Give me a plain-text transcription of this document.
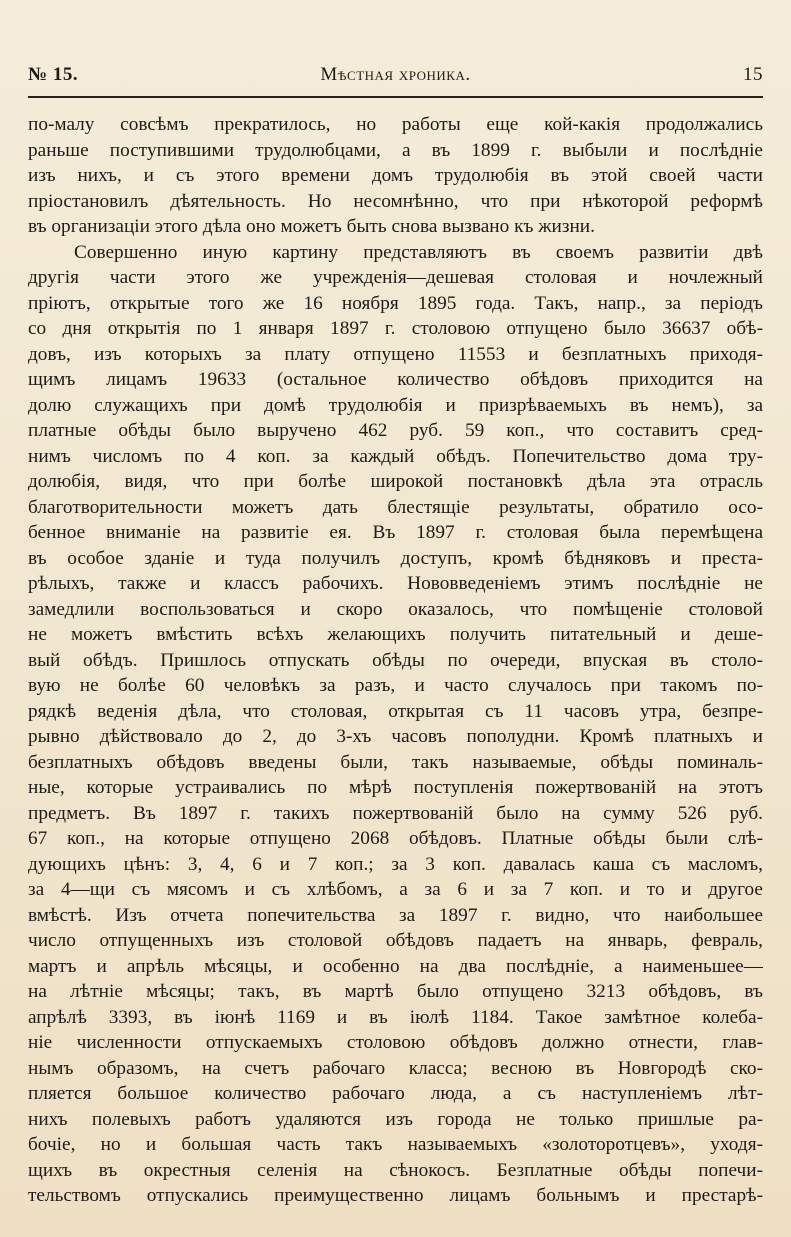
№ 15.	Мѣстная хроника.	15
по-малу совсѣмъ прекратилось, но работы еще кой-какія продолжались
раньше поступившими трудолюбцами, а въ 1899 г. выбыли и послѣдніе
изъ нихъ, и съ этого времени домъ трудолюбія въ этой своей части
пріостановилъ дѣятельность. Но несомнѣнно, что при нѣкоторой реформѣ
въ организаціи этого дѣла оно можетъ быть снова вызвано къ жизни.
Совершенно иную картину представляютъ въ своемъ развитіи двѣ
другія части этого же учрежденія—дешевая столовая и ночлежный
пріютъ, открытые того же 16 ноября 1895 года. Такъ, напр., за періодъ
со дня открытія по 1 января 1897 г. столовою отпущено было 36637 обѣ-
довъ, изъ которыхъ за плату отпущено 11553 и безплатныхъ приходя-
щимъ лицамъ 19633 (остальное количество обѣдовъ приходится на
долю служащихъ при домѣ трудолюбія и призрѣваемыхъ въ немъ), за
платные обѣды было выручено 462 руб. 59 коп., что составитъ сред-
нимъ числомъ по 4 коп. за каждый обѣдъ. Попечительство дома тру-
долюбія, видя, что при болѣе широкой постановкѣ дѣла эта отрасль
благотворительности можетъ дать блестящіе результаты, обратило осо-
бенное вниманіе на развитіе ея. Въ 1897 г. столовая была перемѣщена
въ особое зданіе и туда получилъ доступъ, кромѣ бѣдняковъ и преста-
рѣлыхъ, также и классъ рабочихъ. Нововведеніемъ этимъ послѣдніе не
замедлили воспользоваться и скоро оказалось, что помѣщеніе столовой
не можетъ вмѣстить всѣхъ желающихъ получить питательный и деше-
вый обѣдъ. Пришлось отпускать обѣды по очереди, впуская въ столо-
вую не болѣе 60 человѣкъ за разъ, и часто случалось при такомъ по-
рядкѣ веденія дѣла, что столовая, открытая съ 11 часовъ утра, безпре-
рывно дѣйствовало до 2, до 3-хъ часовъ пополудни. Кромѣ платныхъ и
безплатныхъ обѣдовъ введены были, такъ называемые, обѣды поминаль-
ные, которые устраивались по мѣрѣ поступленія пожертвованій на этотъ
предметъ. Въ 1897 г. такихъ пожертвованій было на сумму 526 руб.
67 коп., на которые отпущено 2068 обѣдовъ. Платные обѣды были слѣ-
дующихъ цѣнъ: 3, 4, 6 и 7 коп.; за 3 коп. давалась каша съ масломъ,
за 4—щи съ мясомъ и съ хлѣбомъ, а за 6 и за 7 коп. и то и другое
вмѣстѣ. Изъ отчета попечительства за 1897 г. видно, что наибольшее
число отпущенныхъ изъ столовой обѣдовъ падаетъ на январь, февраль,
мартъ и апрѣль мѣсяцы, и особенно на два послѣдніе, а наименьшее—
на лѣтніе мѣсяцы; такъ, въ мартѣ было отпущено 3213 обѣдовъ, въ
апрѣлѣ 3393, въ іюнѣ 1169 и въ іюлѣ 1184. Такое замѣтное колеба-
ніе численности отпускаемыхъ столовою обѣдовъ должно отнести, глав-
нымъ образомъ, на счетъ рабочаго класса; весною въ Новгородѣ ско-
пляется большое количество рабочаго люда, а съ наступленіемъ лѣт-
нихъ полевыхъ работъ удаляются изъ города не только пришлые ра-
бочіе, но и большая часть такъ называемыхъ «золоторотцевъ», уходя-
щихъ въ окрестныя селенія на сѣнокосъ. Безплатные обѣды попечи-
тельствомъ отпускались преимущественно лицамъ больнымъ и престарѣ-
